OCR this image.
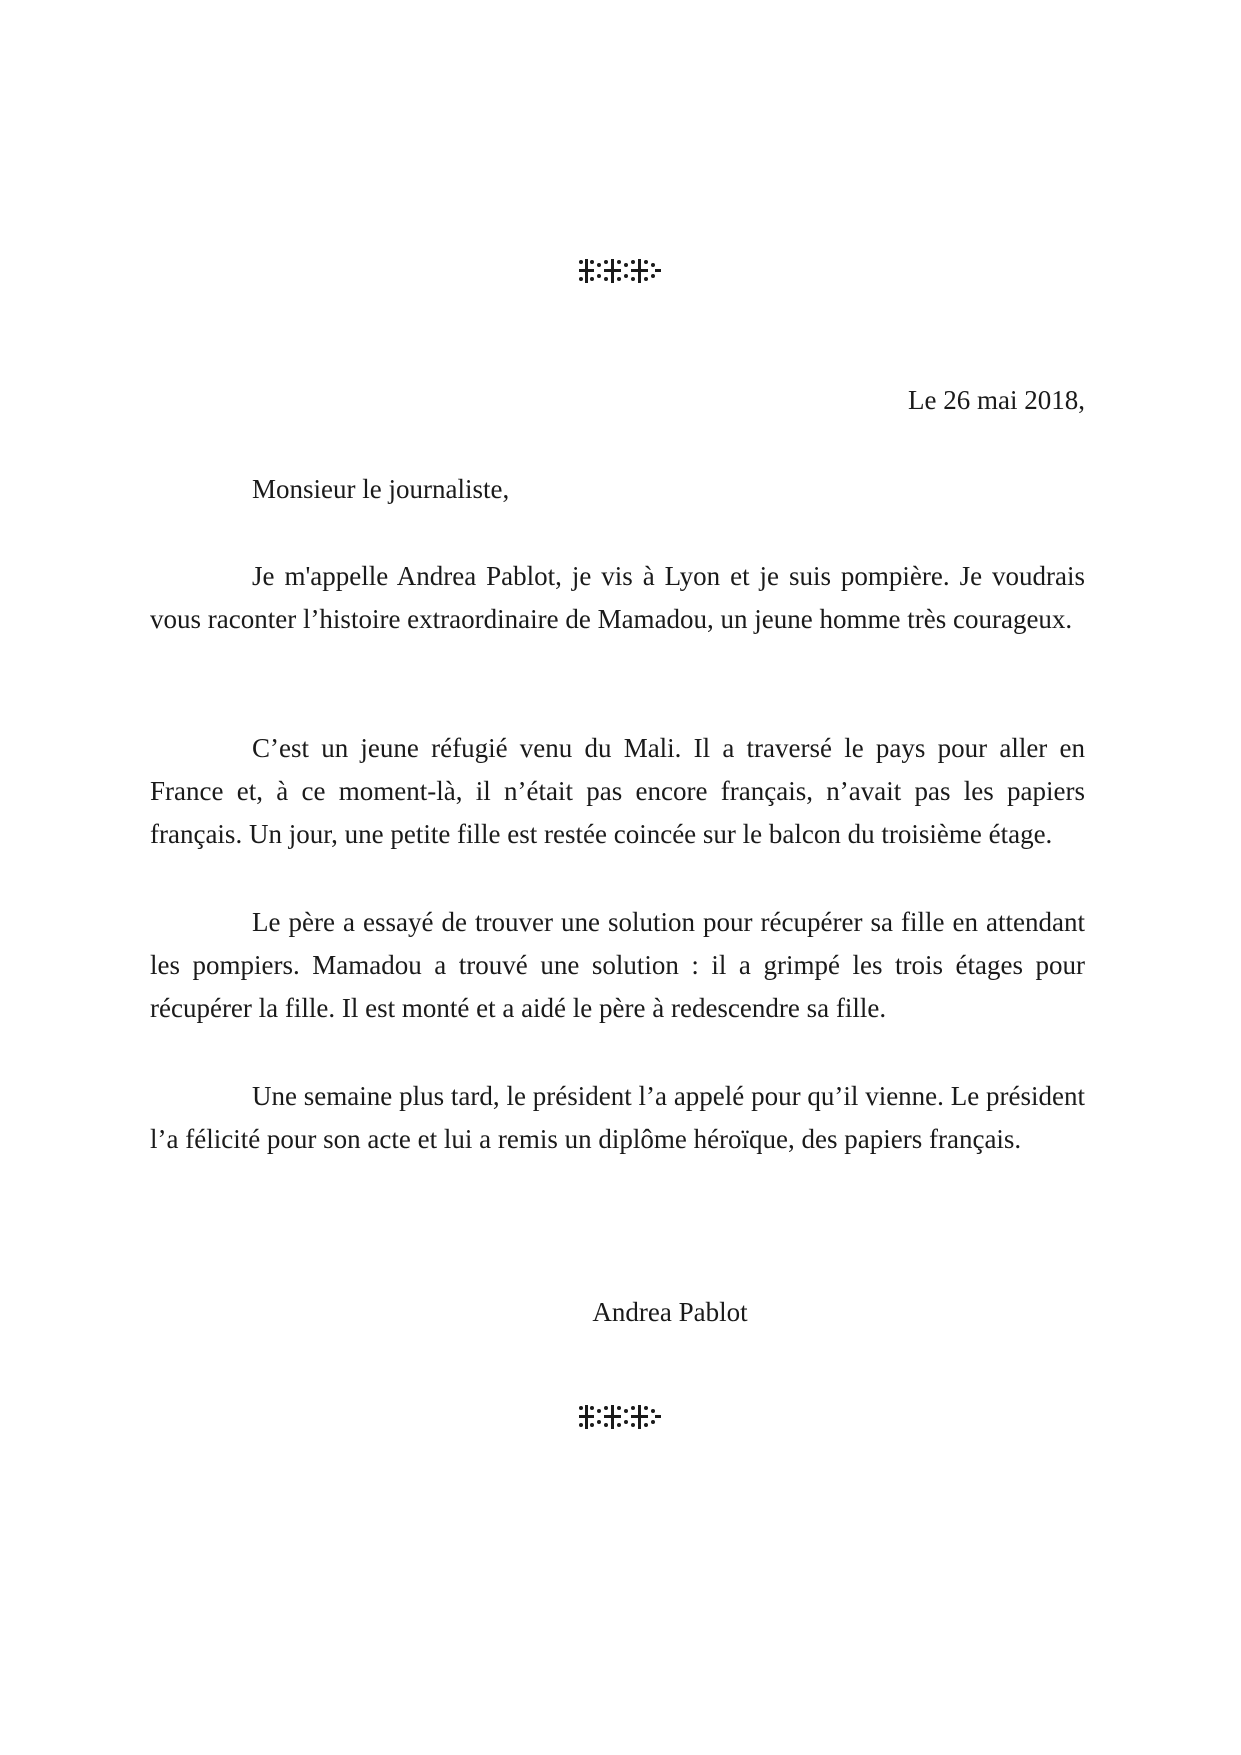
Le 26 mai 2018,

Monsieur le journaliste,

Je m'appelle Andrea Pablot, je vis à Lyon et je suis pompière. Je voudrais vous raconter l’histoire extraordinaire de Mamadou, un jeune homme très courageux.

C’est un jeune réfugié venu du Mali. Il a traversé le pays pour aller en France et, à ce moment-là, il n’était pas encore français, n’avait pas les papiers français. Un jour, une petite fille est restée coincée sur le balcon du troisième étage.

Le père a essayé de trouver une solution pour récupérer sa fille en attendant les pompiers. Mamadou a trouvé une solution : il a grimpé les trois étages pour récupérer la fille. Il est monté et a aidé le père à redescendre sa fille.

Une semaine plus tard, le président l’a appelé pour qu’il vienne. Le président l’a félicité pour son acte et lui a remis un diplôme héroïque, des papiers français.

Andrea Pablot
